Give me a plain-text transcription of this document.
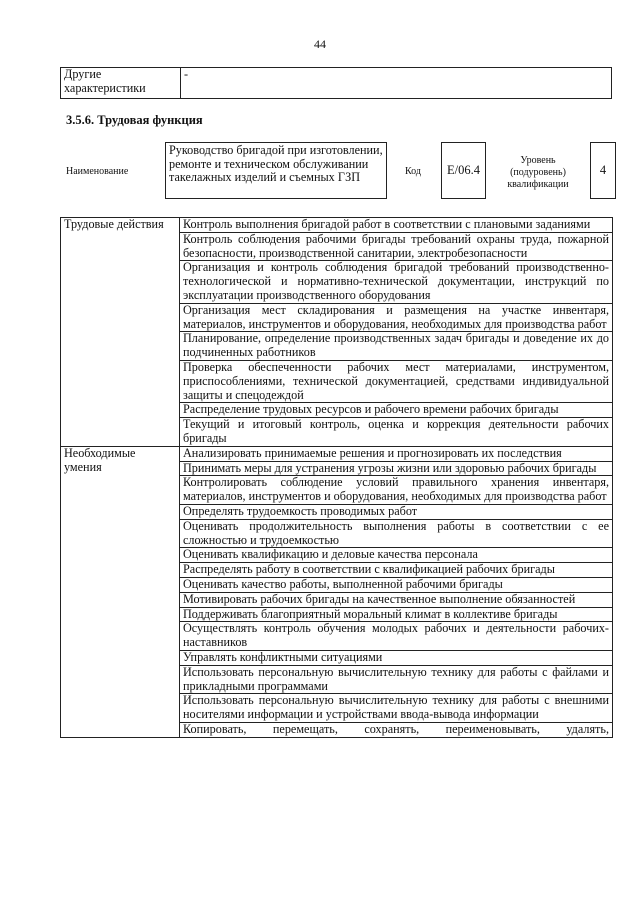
44
Другие характеристики	-
3.5.6. Трудовая функция
Наименование
Руководство бригадой при изготовлении, ремонте и техническом обслуживании такелажных изделий и съемных ГЗП	Код	E/06.4
Уровень (подуровень) квалификации
4
Трудовые действия	Контроль выполнения бригадой работ в соответствии с плановыми заданиями
	Контроль соблюдения рабочими бригады требований охраны труда, пожарной безопасности, производственной санитарии, электробезопасности
	Организация и контроль соблюдения бригадой требований производственно-технологической и нормативно-технической документации, инструкций по эксплуатации производственного оборудования
	Организация мест складирования и размещения на участке инвентаря, материалов, инструментов и оборудования, необходимых для производства работ
	Планирование, определение производственных задач бригады и доведение их до подчиненных работников
	Проверка обеспеченности рабочих мест материалами, инструментом, приспособлениями, технической документацией, средствами индивидуальной защиты и спецодеждой
	Распределение трудовых ресурсов и рабочего времени рабочих бригады
	Текущий и итоговый контроль, оценка и коррекция деятельности рабочих бригады
Необходимые умения	Анализировать принимаемые решения и прогнозировать их последствия
	Принимать меры для устранения угрозы жизни или здоровью рабочих бригады
	Контролировать соблюдение условий правильного хранения инвентаря, материалов, инструментов и оборудования, необходимых для производства работ
	Определять трудоемкость проводимых работ
	Оценивать продолжительность выполнения работы в соответствии с ее сложностью и трудоемкостью
	Оценивать квалификацию и деловые качества персонала
	Распределять работу в соответствии с квалификацией рабочих бригады
	Оценивать качество работы, выполненной рабочими бригады
	Мотивировать рабочих бригады на качественное выполнение обязанностей
	Поддерживать благоприятный моральный климат в коллективе бригады
	Осуществлять контроль обучения молодых рабочих и деятельности рабочих-наставников
	Управлять конфликтными ситуациями
	Использовать персональную вычислительную технику для работы с файлами и прикладными программами
	Использовать персональную вычислительную технику для работы с внешними носителями информации и устройствами ввода-вывода информации
	Копировать, перемещать, сохранять, переименовывать, удалять,
